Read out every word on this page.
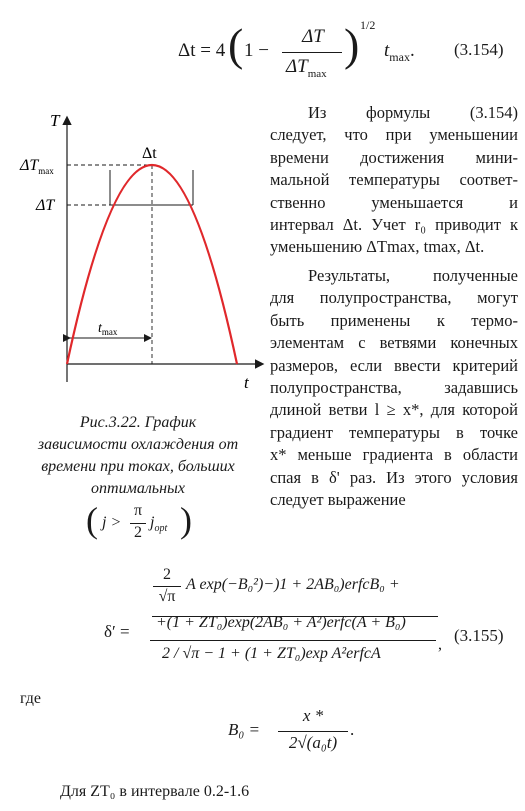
Δt = 4 ( 1 −
ΔT
$\Delta T_{max}$
) 1/2
$t_{max}$. (3.154)
Из формулы (3.154)
следует, что при уменьшении
времени достижения мини-
мальной температуры соответ-
ственно уменьшается и
интервал Δt. Учет r₀ приводит к
уменьшению ΔTmax, tmax, Δt.
Результаты, полученные
для полупространства, могут
быть применены к термо-
элементам с ветвями конечных
размеров, если ввести критерий
полупространства, задавшись
длиной ветви l ≥ x*, для которой
градиент температуры в точке
x* меньше градиента в области
спая в δ' раз. Из этого условия
следует выражение
T
t
Δt
$\Delta T_{max}$
ΔT
$t_{max}$
Рис.3.22. График
зависимости охлаждения от
времени при токах, больших
оптимальных
( j >
π
2
$j_{opt}$ )
2
√π
A exp(−B₀²)−)1 + 2AB₀)erfcB₀ +
δ′ = +(1 + ZT₀)exp(2AB₀ + A²)erfc(A + B₀)
2 / √π − 1 + (1 + ZT₀)exp A²erfcA
, (3.155)
где
B₀ =
x *
2√(a₀t)
.
Для ZT₀ в интервале 0.2-1.6
